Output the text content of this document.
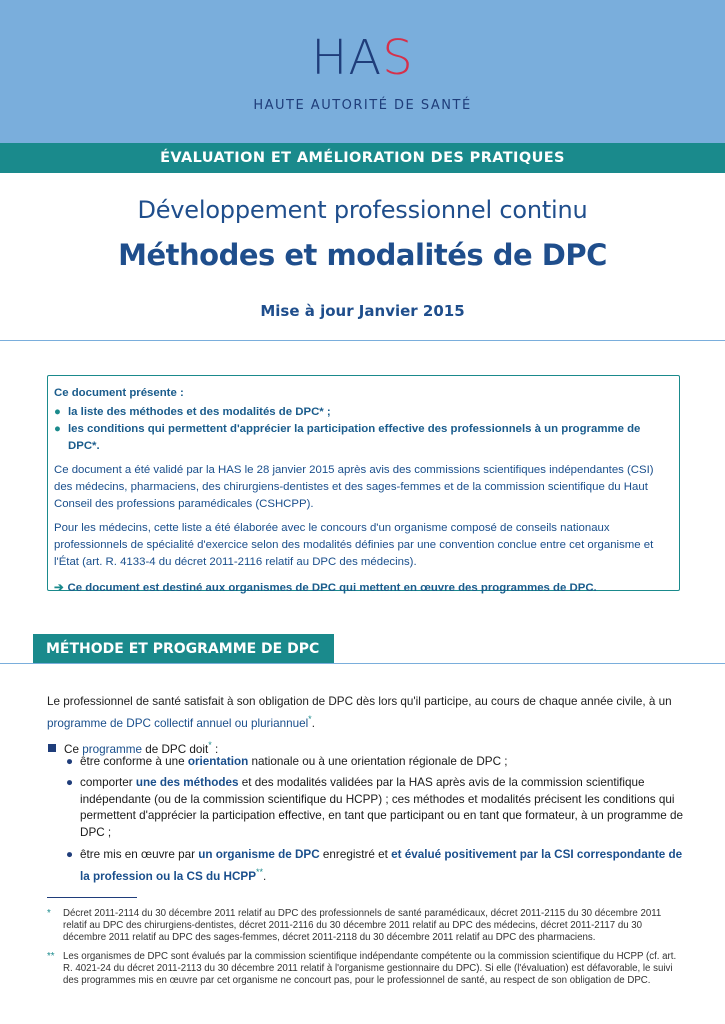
HAS
HAUTE AUTORITÉ DE SANTÉ
ÉVALUATION ET AMÉLIORATION DES PRATIQUES
Développement professionnel continu
Méthodes et modalités de DPC
Mise à jour Janvier 2015

Ce document présente :

● la liste des méthodes et des modalités de DPC* ;
● les conditions qui permettent d'apprécier la participation effective des professionnels à un programme de DPC*.

Ce document a été validé par la HAS le 28 janvier 2015 après avis des commissions scientifiques indépendantes (CSI) des médecins, pharmaciens, des chirurgiens-dentistes et des sages-femmes et de la commission scientifique du Haut Conseil des professions paramédicales (CSHCPP).

Pour les médecins, cette liste a été élaborée avec le concours d'un organisme composé de conseils nationaux professionnels de spécialité d'exercice selon des modalités définies par une convention conclue entre cet organisme et l'État (art. R. 4133-4 du décret 2011-2116 relatif au DPC des médecins).

➔ Ce document est destiné aux organismes de DPC qui mettent en œuvre des programmes de DPC.

MÉTHODE ET PROGRAMME DE DPC
Le professionnel de santé satisfait à son obligation de DPC dès lors qu'il participe, au cours de chaque année civile, à un programme de DPC collectif annuel ou pluriannuel*.
Ce programme de DPC doit* :
● être conforme à une orientation nationale ou à une orientation régionale de DPC ;
● comporter une des méthodes et des modalités validées par la HAS après avis de la commission scientifique indépendante (ou de la commission scientifique du HCPP) ; ces méthodes et modalités précisent les conditions qui permettent d'apprécier la participation effective, en tant que participant ou en tant que formateur, à un programme de DPC ;
● être mis en œuvre par un organisme de DPC enregistré et et évalué positivement par la CSI correspondante de la profession ou la CS du HCPP**.
*	Décret 2011-2114 du 30 décembre 2011 relatif au DPC des professionnels de santé paramédicaux, décret 2011-2115 du 30 décembre 2011 relatif au DPC des chirurgiens-dentistes, décret 2011-2116 du 30 décembre 2011 relatif au DPC des médecins, décret 2011-2117 du 30 décembre 2011 relatif au DPC des sages-femmes, décret 2011-2118 du 30 décembre 2011 relatif au DPC des pharmaciens.
** Les organismes de DPC sont évalués par la commission scientifique indépendante compétente ou la commission scientifique du HCPP (cf. art. R. 4021-24 du décret 2011-2113 du 30 décembre 2011 relatif à l'organisme gestionnaire du DPC). Si elle (l'évaluation) est défavorable, le suivi des programmes mis en œuvre par cet organisme ne concourt pas, pour le professionnel de santé, au respect de son obligation de DPC.
